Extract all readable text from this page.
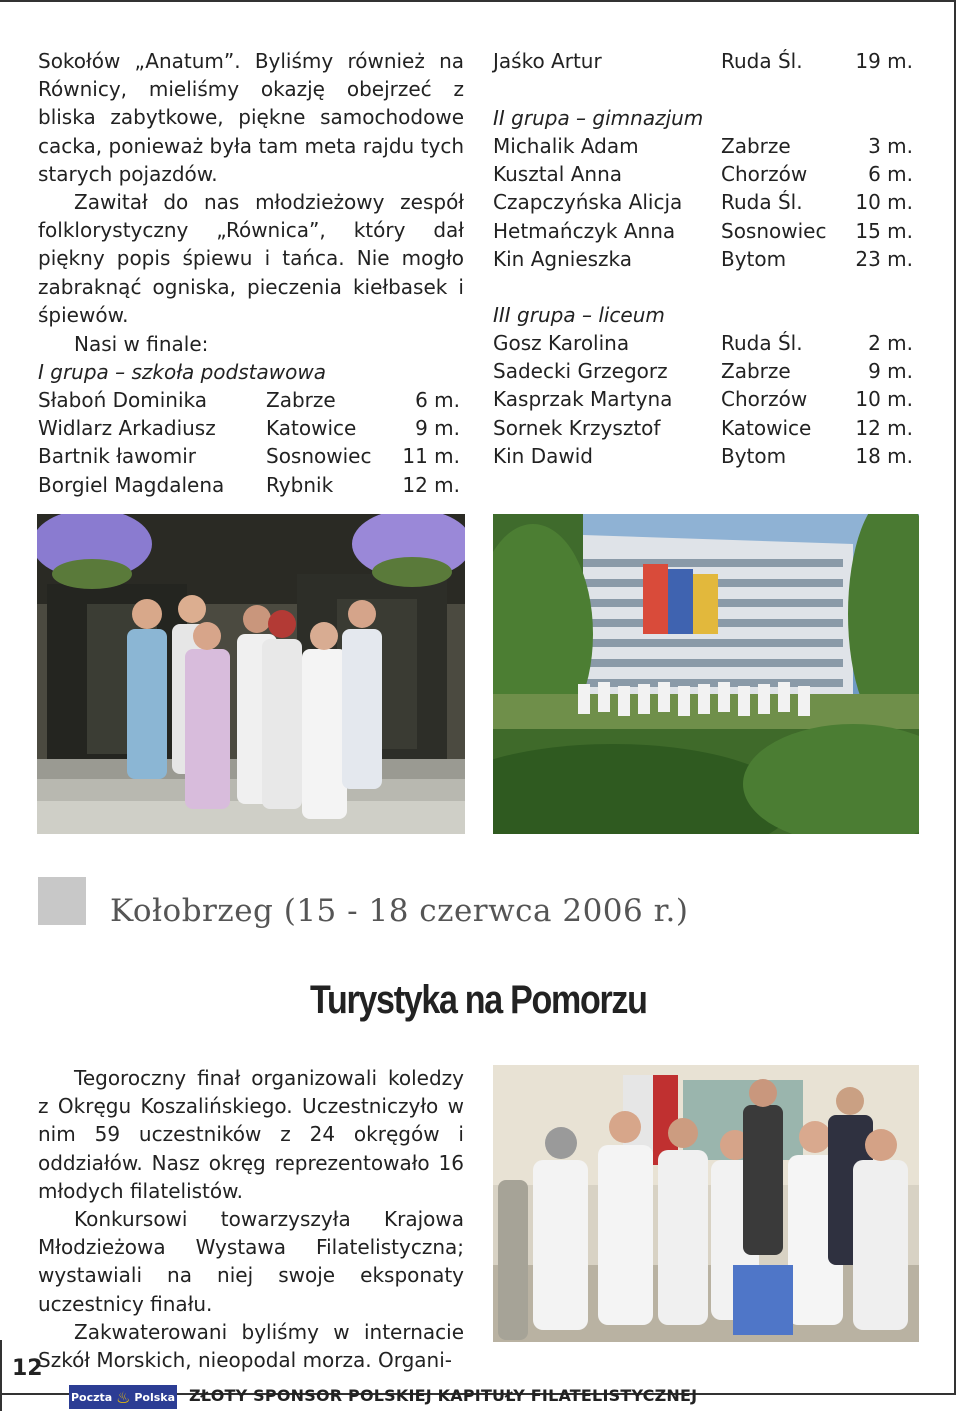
Sokołów „Anatum”. Byliśmy również na Równicy, mieliśmy okazję obejrzeć z bliska zabytkowe, piękne samochodowe cacka, ponieważ była tam meta rajdu tych starych pojazdów.

Zawitał do nas młodzieżowy zespół folklorystyczny „Równica”, który dał piękny popis śpiewu i tańca. Nie mogło zabraknąć ogniska, pieczenia kiełbasek i śpiewów.

Nasi w finale:
I grupa – szkoła podstawowa
Słaboń Dominika	Zabrze	6 m.
Widlarz Arkadiusz	Katowice	9 m.
Bartnik ławomir	Sosnowiec	11 m.
Borgiel Magdalena	Rybnik	12 m.
Jaśko Artur	Ruda Śl.	19 m.
II grupa – gimnazjum
Michalik Adam	Zabrze	3 m.
Kusztal Anna	Chorzów	6 m.
Czapczyńska Alicja	Ruda Śl.	10 m.
Hetmańczyk Anna	Sosnowiec	15 m.
Kin Agnieszka	Bytom	23 m.
III grupa – liceum
Gosz Karolina	Ruda Śl.	2 m.
Sadecki Grzegorz	Zabrze	9 m.
Kasprzak Martyna	Chorzów	10 m.
Sornek Krzysztof	Katowice	12 m.
Kin Dawid	Bytom	18 m.
Kołobrzeg (15 - 18 czerwca 2006 r.)
Turystyka na Pomorzu

Tegoroczny finał organizowali koledzy z Okręgu Koszalińskiego. Uczestniczyło w nim 59 uczestników z 24 okręgów i oddziałów. Nasz okręg reprezentowało 16 młodych filatelistów.

Konkursowi towarzyszyła Krajowa Młodzieżowa Wystawa Filatelistyczna; wystawiali na niej swoje eksponaty uczestnicy finału.

Zakwaterowani byliśmy w internacie Szkół Morskich, nieopodal morza. Organi-

12
Poczta ♨ Polska ZŁOTY SPONSOR POLSKIEJ KAPITUŁY FILATELISTYCZNEJ
